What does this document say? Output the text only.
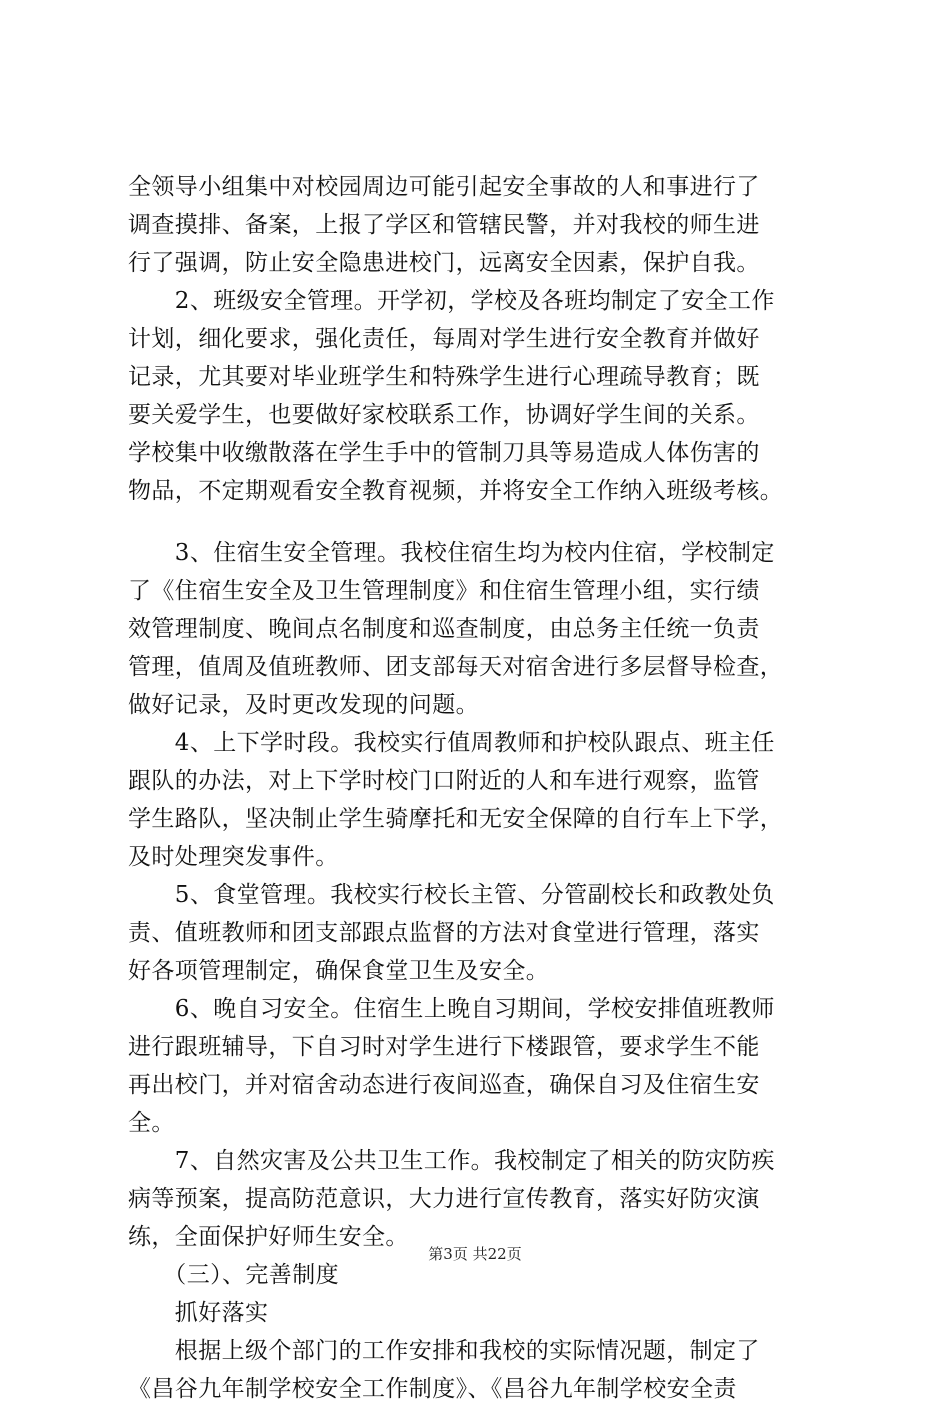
全领导小组集中对校园周边可能引起安全事故的人和事进行了
调查摸排、备案，上报了学区和管辖民警，并对我校的师生进
行了强调，防止安全隐患进校门，远离安全因素，保护自我。
　　2、班级安全管理。开学初，学校及各班均制定了安全工作
计划，细化要求，强化责任，每周对学生进行安全教育并做好
记录，尤其要对毕业班学生和特殊学生进行心理疏导教育；既
要关爱学生，也要做好家校联系工作，协调好学生间的关系。
学校集中收缴散落在学生手中的管制刀具等易造成人体伤害的
物品，不定期观看安全教育视频，并将安全工作纳入班级考核。
　　3、住宿生安全管理。我校住宿生均为校内住宿，学校制定
了《住宿生安全及卫生管理制度》和住宿生管理小组，实行绩
效管理制度、晚间点名制度和巡查制度，由总务主任统一负责
管理，值周及值班教师、团支部每天对宿舍进行多层督导检查，
做好记录，及时更改发现的问题。
　　4、上下学时段。我校实行值周教师和护校队跟点、班主任
跟队的办法，对上下学时校门口附近的人和车进行观察，监管
学生路队，坚决制止学生骑摩托和无安全保障的自行车上下学，
及时处理突发事件。
　　5、食堂管理。我校实行校长主管、分管副校长和政教处负
责、值班教师和团支部跟点监督的方法对食堂进行管理，落实
好各项管理制定，确保食堂卫生及安全。
　　6、晚自习安全。住宿生上晚自习期间，学校安排值班教师
进行跟班辅导，下自习时对学生进行下楼跟管，要求学生不能
再出校门，并对宿舍动态进行夜间巡查，确保自习及住宿生安
全。
　　7、自然灾害及公共卫生工作。我校制定了相关的防灾防疾
病等预案，提高防范意识，大力进行宣传教育，落实好防灾演
练，全面保护好师生安全。
　　（三）、完善制度
　　抓好落实
　　根据上级个部门的工作安排和我校的实际情况题，制定了
《昌谷九年制学校安全工作制度》、《昌谷九年制学校安全责
第3页 共22页
